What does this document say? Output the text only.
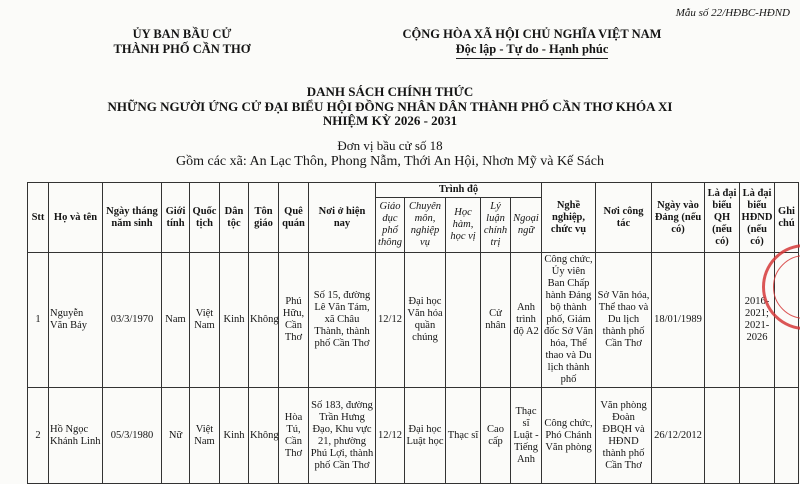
Mẫu số 22/HĐBC-HĐND
ỦY BAN BẦU CỬ
THÀNH PHỐ CẦN THƠ
CỘNG HÒA XÃ HỘI CHỦ NGHĨA VIỆT NAM
Độc lập - Tự do - Hạnh phúc
DANH SÁCH CHÍNH THỨC
NHỮNG NGƯỜI ỨNG CỬ ĐẠI BIỂU HỘI ĐỒNG NHÂN DÂN THÀNH PHỐ CẦN THƠ KHÓA XI
NHIỆM KỲ 2026 - 2031
Đơn vị bầu cử số 18
Gồm các xã: An Lạc Thôn, Phong Nẫm, Thới An Hội, Nhơn Mỹ và Kế Sách
Stt	Họ và tên	Ngày tháng năm sinh	Giới tính	Quốc tịch	Dân tộc	Tôn giáo	Quê quán	Nơi ở hiện nay	Trình độ					Nghề nghiệp, chức vụ	Nơi công tác	Ngày vào Đảng (nếu có)	Là đại biểu QH (nếu có)	Là đại biểu HĐND (nếu có)	Ghi chú
									Giáo dục phổ thông	Chuyên môn, nghiệp vụ	Học hàm, học vị	Lý luận chính trị	Ngoại ngữ						
1	Nguyễn Văn Bảy	03/3/1970	Nam	Việt Nam	Kinh	Không	Phú Hữu, Cần Thơ	Số 15, đường Lê Văn Tám, xã Châu Thành, thành phố Cần Thơ	12/12	Đại học Văn hóa quần chúng		Cử nhân	Anh trình độ A2	Công chức, Ủy viên Ban Chấp hành Đảng bộ thành phố, Giám đốc Sở Văn hóa, Thể thao và Du lịch thành phố	Sở Văn hóa, Thể thao và Du lịch thành phố Cần Thơ	18/01/1989		2016-2021; 2021-2026	
2	Hồ Ngọc Khánh Linh	05/3/1980	Nữ	Việt Nam	Kinh	Không	Hòa Tú, Cần Thơ	Số 183, đường Trần Hưng Đạo, Khu vực 21, phường Phú Lợi, thành phố Cần Thơ	12/12	Đại học Luật học	Thạc sĩ	Cao cấp	Thạc sĩ Luật - Tiếng Anh	Công chức, Phó Chánh Văn phòng	Văn phòng Đoàn ĐBQH và HĐND thành phố Cần Thơ	26/12/2012			
